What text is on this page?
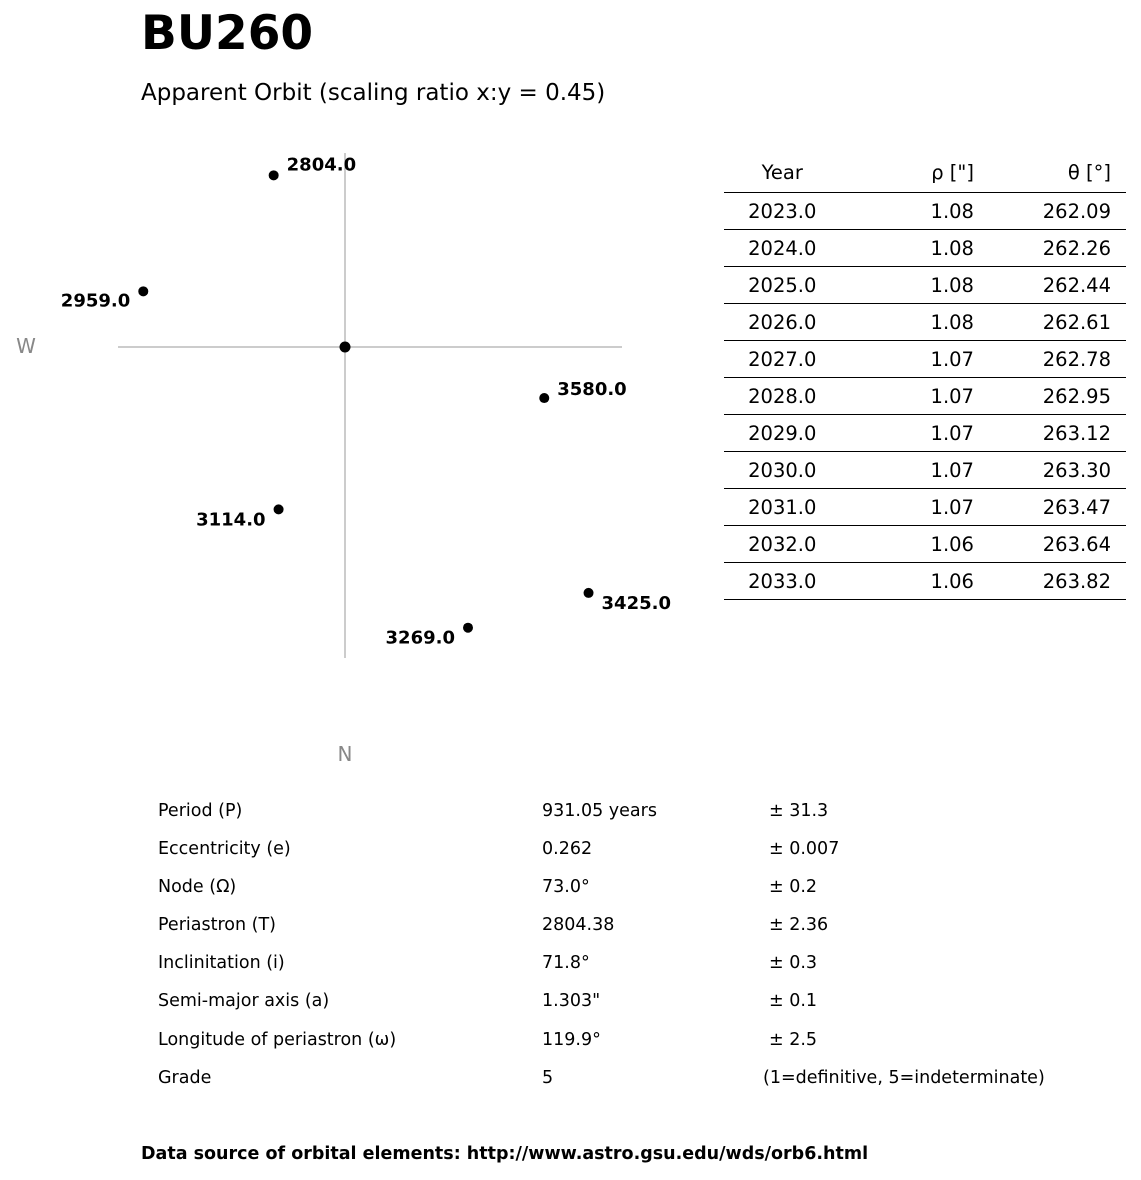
BU260
Apparent Orbit (scaling ratio x:y = 0.45)
W
N
2804.0
2959.0
3114.0
3269.0
3425.0
3580.0
Year	ρ ["]	θ [°]
2023.0	1.08	262.09
2024.0	1.08	262.26
2025.0	1.08	262.44
2026.0	1.08	262.61
2027.0	1.07	262.78
2028.0	1.07	262.95
2029.0	1.07	263.12
2030.0	1.07	263.30
2031.0	1.07	263.47
2032.0	1.06	263.64
2033.0	1.06	263.82
Period (P)	931.05 years	± 31.3
Eccentricity (e)	0.262	± 0.007
Node (Ω)	73.0°	± 0.2
Periastron (T)	2804.38	± 2.36
Inclinitation (i)	71.8°	± 0.3
Semi-major axis (a)	1.303"	± 0.1
Longitude of periastron (ω)	119.9°	± 2.5
Grade	5	(1=definitive, 5=indeterminate)
Data source of orbital elements: http://www.astro.gsu.edu/wds/orb6.html
